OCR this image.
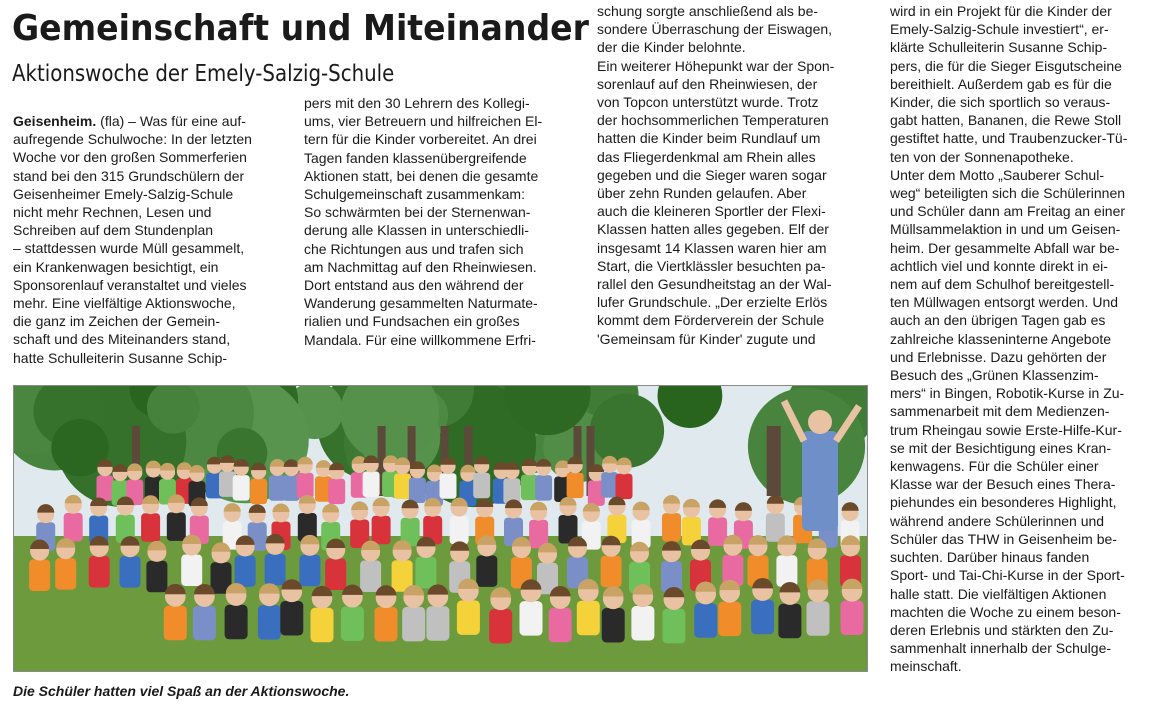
Gemeinschaft und Miteinander
Aktionswoche der Emely-Salzig-Schule

Geisenheim. (fla) – Was für eine auf-

aufregende Schulwoche: In der letzten

Woche vor den großen Sommerferien

stand bei den 315 Grundschülern der

Geisenheimer Emely-Salzig-Schule

nicht mehr Rechnen, Lesen und

Schreiben auf dem Stundenplan

– stattdessen wurde Müll gesammelt,

ein Krankenwagen besichtigt, ein

Sponsorenlauf veranstaltet und vieles

mehr. Eine vielfältige Aktionswoche,

die ganz im Zeichen der Gemein-

schaft und des Miteinanders stand,

hatte Schulleiterin Susanne Schip-

pers mit den 30 Lehrern des Kollegi-

ums, vier Betreuern und hilfreichen El-

tern für die Kinder vorbereitet. An drei

Tagen fanden klassenübergreifende

Aktionen statt, bei denen die gesamte

Schulgemeinschaft zusammenkam:

So schwärmten bei der Sternenwan-

derung alle Klassen in unterschiedli-

che Richtungen aus und trafen sich

am Nachmittag auf den Rheinwiesen.

Dort entstand aus den während der

Wanderung gesammelten Naturmate-

rialien und Fundsachen ein großes

Mandala. Für eine willkommene Erfri-

schung sorgte anschließend als be-

sondere Überraschung der Eiswagen,

der die Kinder belohnte.

Ein weiterer Höhepunkt war der Spon-

sorenlauf auf den Rheinwiesen, der

von Topcon unterstützt wurde. Trotz

der hochsommerlichen Temperaturen

hatten die Kinder beim Rundlauf um

das Fliegerdenkmal am Rhein alles

gegeben und die Sieger waren sogar

über zehn Runden gelaufen. Aber

auch die kleineren Sportler der Flexi-

Klassen hatten alles gegeben. Elf der

insgesamt 14 Klassen waren hier am

Start, die Viertklässler besuchten pa-

rallel den Gesundheitstag an der Wal-

lufer Grundschule. „Der erzielte Erlös

kommt dem Förderverein der Schule

'Gemeinsam für Kinder' zugute und

wird in ein Projekt für die Kinder der

Emely-Salzig-Schule investiert“, er-

klärte Schulleiterin Susanne Schip-

pers, die für die Sieger Eisgutscheine

bereithielt. Außerdem gab es für die

Kinder, die sich sportlich so veraus-

gabt hatten, Bananen, die Rewe Stoll

gestiftet hatte, und Traubenzucker-Tü-

ten von der Sonnenapotheke.

Unter dem Motto „Sauberer Schul-

weg“ beteiligten sich die Schülerinnen

und Schüler dann am Freitag an einer

Müllsammelaktion in und um Geisen-

heim. Der gesammelte Abfall war be-

achtlich viel und konnte direkt in ei-

nem auf dem Schulhof bereitgestell-

ten Müllwagen entsorgt werden. Und

auch an den übrigen Tagen gab es

zahlreiche klasseninterne Angebote

und Erlebnisse. Dazu gehörten der

Besuch des „Grünen Klassenzim-

mers“ in Bingen, Robotik-Kurse in Zu-

sammenarbeit mit dem Medienzen-

trum Rheingau sowie Erste-Hilfe-Kur-

se mit der Besichtigung eines Kran-

kenwagens. Für die Schüler einer

Klasse war der Besuch eines Thera-

piehundes ein besonderes Highlight,

während andere Schülerinnen und

Schüler das THW in Geisenheim be-

suchten. Darüber hinaus fanden

Sport- und Tai-Chi-Kurse in der Sport-

halle statt. Die vielfältigen Aktionen

machten die Woche zu einem beson-

deren Erlebnis und stärkten den Zu-

sammenhalt innerhalb der Schulge-

meinschaft.

Die Schüler hatten viel Spaß an der Aktionswoche.
